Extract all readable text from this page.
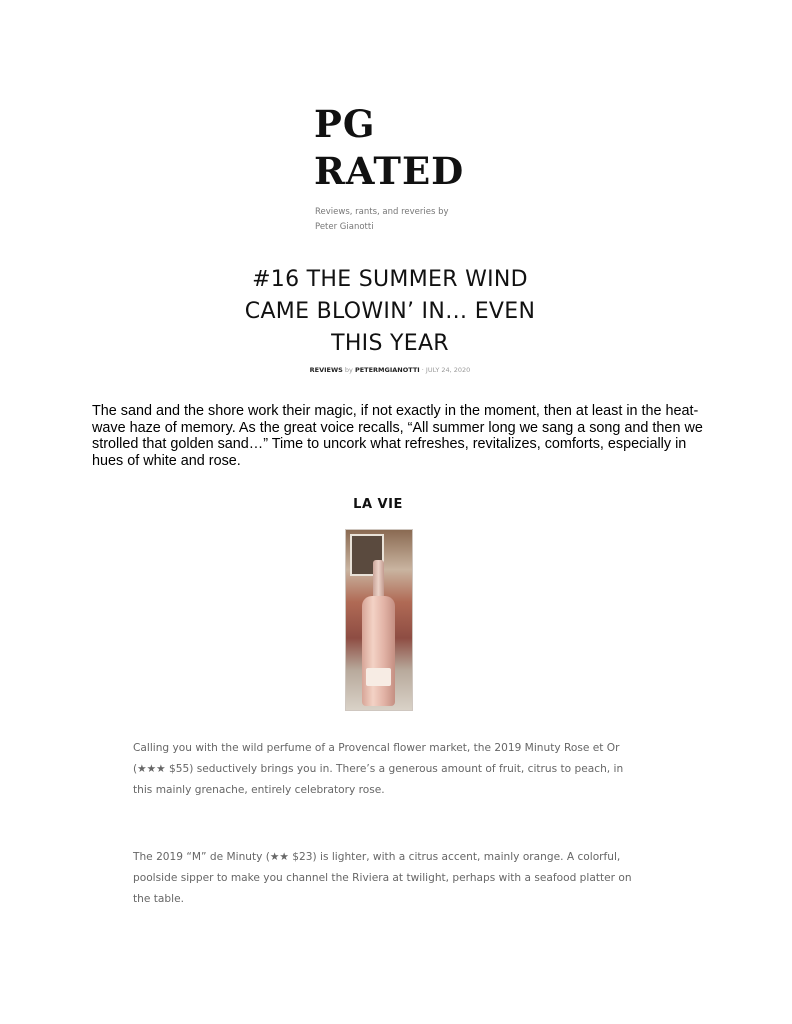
PG
RATED
Reviews, rants, and reveries by
Peter Gianotti
#16 THE SUMMER WIND
CAME BLOWIN’ IN… EVEN
THIS YEAR
REVIEWS by PETERMGIANOTTI · JULY 24, 2020

The sand and the shore work their magic, if not exactly in the moment, then at least in the heat-wave haze of memory. As the great voice recalls, “All summer long we sang a song and then we strolled that golden sand…” Time to uncork what refreshes, revitalizes, comforts, especially in hues of white and rose.

LA VIE

Calling you with the wild perfume of a Provencal flower market, the 2019 Minuty Rose et Or (★★★ $55) seductively brings you in. There’s a generous amount of fruit, citrus to peach, in this mainly grenache, entirely celebratory rose.

The 2019 “M” de Minuty (★★ $23) is lighter, with a citrus accent, mainly orange. A colorful, poolside sipper to make you channel the Riviera at twilight, perhaps with a seafood platter on the table.
